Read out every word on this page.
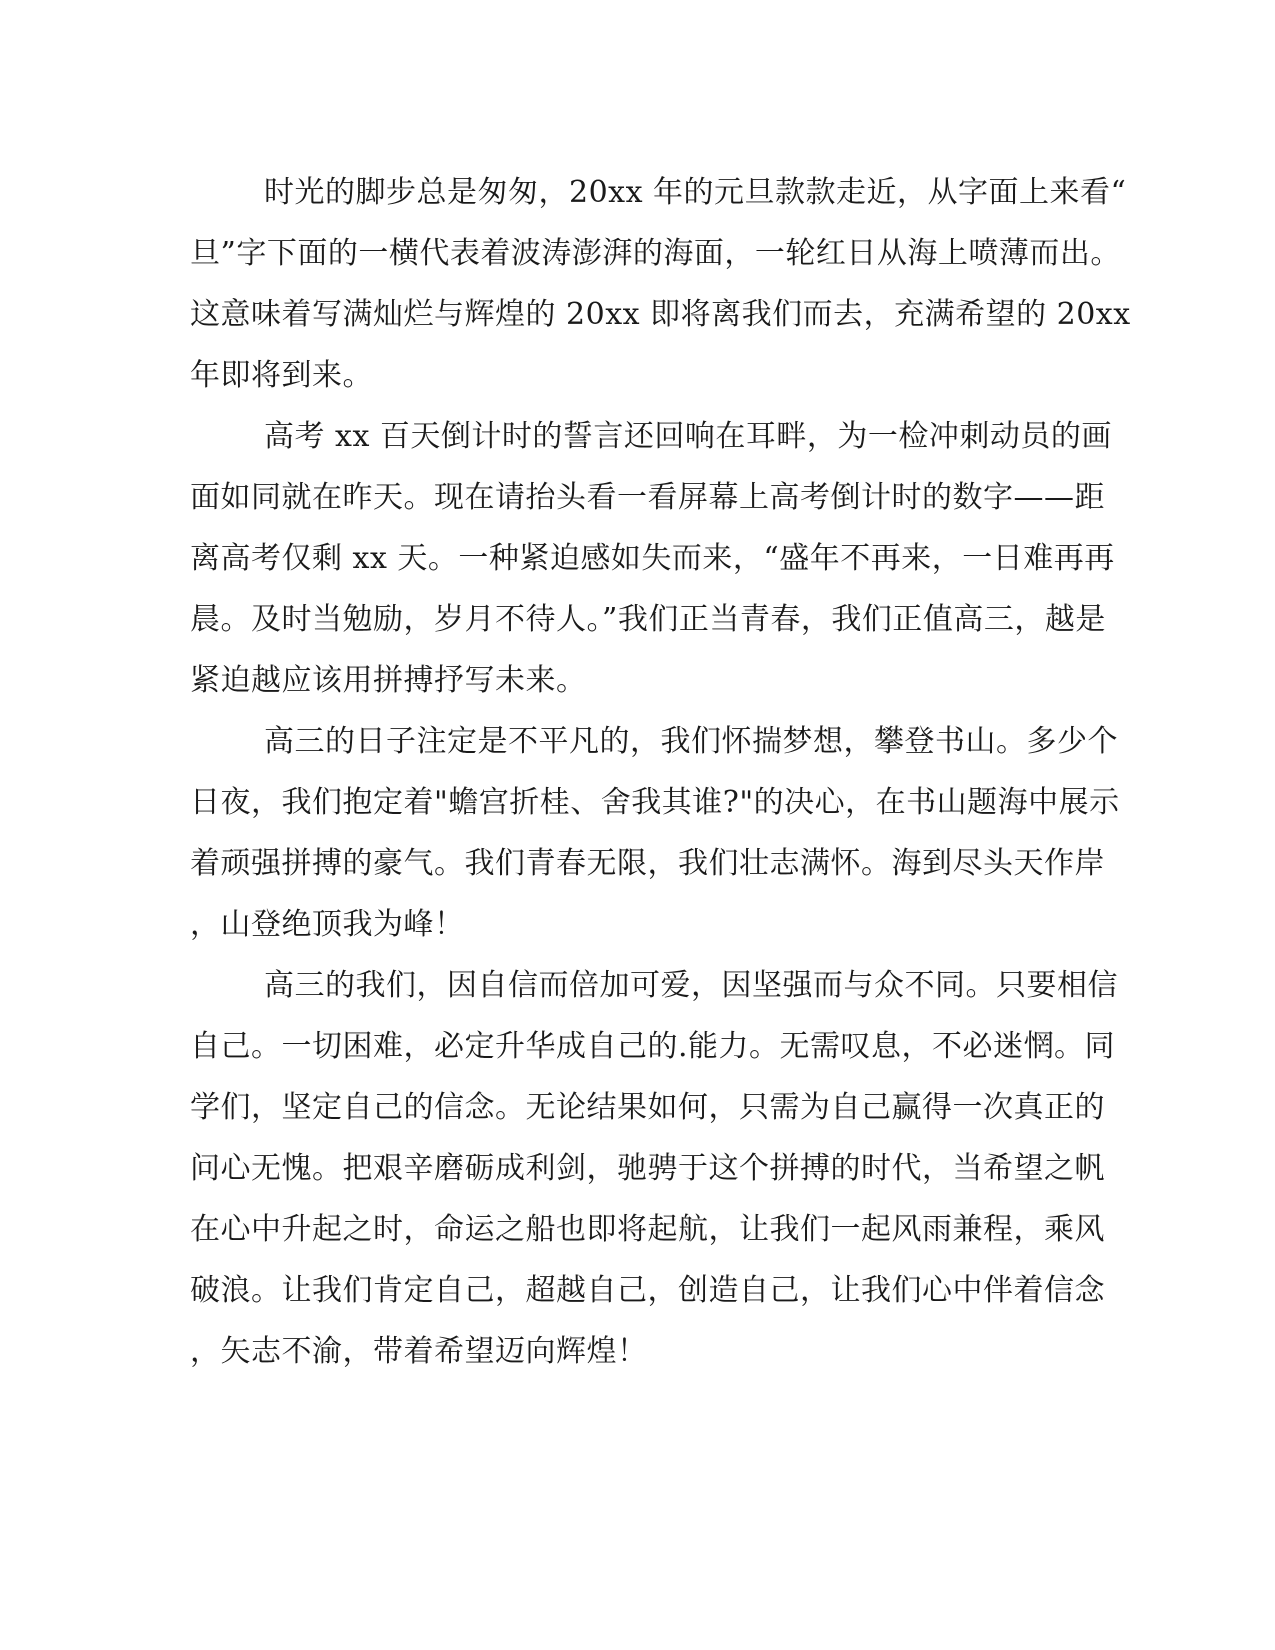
时光的脚步总是匆匆，20xx 年的元旦款款走近，从字面上来看“
旦”字下面的一横代表着波涛澎湃的海面，一轮红日从海上喷薄而出。
这意味着写满灿烂与辉煌的 20xx 即将离我们而去，充满希望的 20xx
年即将到来。
高考 xx 百天倒计时的誓言还回响在耳畔，为一检冲刺动员的画
面如同就在昨天。现在请抬头看一看屏幕上高考倒计时的数字——距
离高考仅剩 xx 天。一种紧迫感如失而来，“盛年不再来，一日难再再
晨。及时当勉励，岁月不待人。”我们正当青春，我们正值高三，越是
紧迫越应该用拼搏抒写未来。
高三的日子注定是不平凡的，我们怀揣梦想，攀登书山。多少个
日夜，我们抱定着"蟾宫折桂、舍我其谁?"的决心，在书山题海中展示
着顽强拼搏的豪气。我们青春无限，我们壮志满怀。海到尽头天作岸
，山登绝顶我为峰！
高三的我们，因自信而倍加可爱，因坚强而与众不同。只要相信
自己。一切困难，必定升华成自己的.能力。无需叹息，不必迷惘。同
学们，坚定自己的信念。无论结果如何，只需为自己赢得一次真正的
问心无愧。把艰辛磨砺成利剑，驰骋于这个拼搏的时代，当希望之帆
在心中升起之时，命运之船也即将起航，让我们一起风雨兼程，乘风
破浪。让我们肯定自己，超越自己，创造自己，让我们心中伴着信念
，矢志不渝，带着希望迈向辉煌！
